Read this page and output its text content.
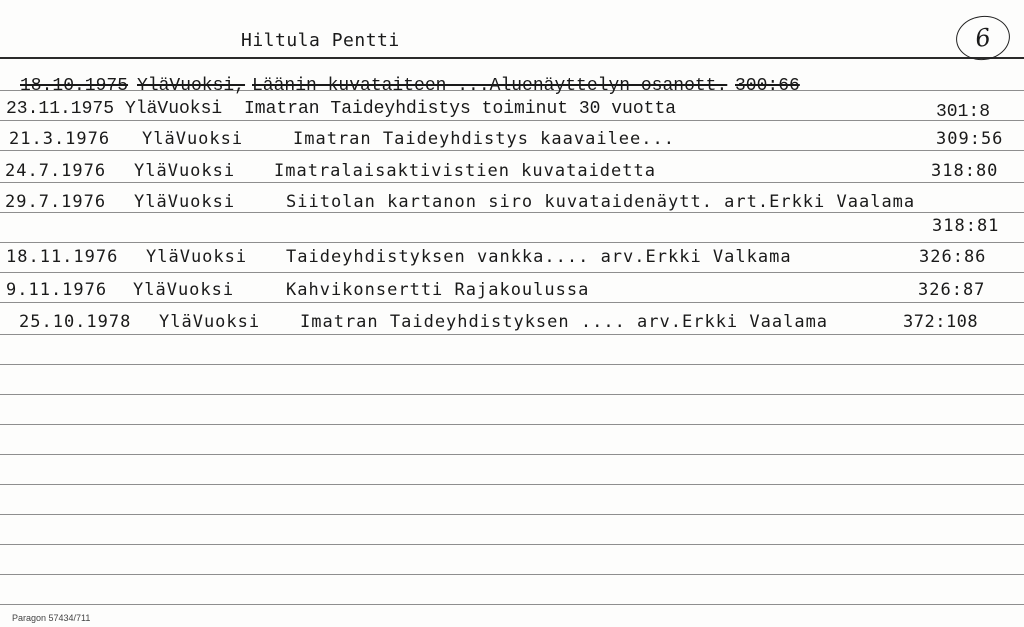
Hiltula Pentti	6
18.10.1975 YläVuoksi, Läänin kuvataiteen ...Aluenäyttelyn osanott. 300:66
23.11.1975 YläVuoksi Imatran Taideyhdistys toiminut 30 vuotta	301:8
21.3.1976 YläVuoksi	Imatran Taideyhdistys kaavailee...	309:56
24.7.1976 YläVuoksi Imatralaisaktivistien kuvataidetta	318:80
29.7.1976 YläVuoksi	Siitolan kartanon siro kuvataidenäytt. art.Erkki Vaalama
318:81
18.11.1976 YläVuoksi Taideyhdistyksen vankka.... arv.Erkki Valkama	326:86
9.11.1976 YläVuoksi	Kahvikonsertti Rajakoulussa	326:87
25.10.1978 YläVuoksi Imatran Taideyhdistyksen .... arv.Erkki Vaalama	372:108
Paragon 57434/711
